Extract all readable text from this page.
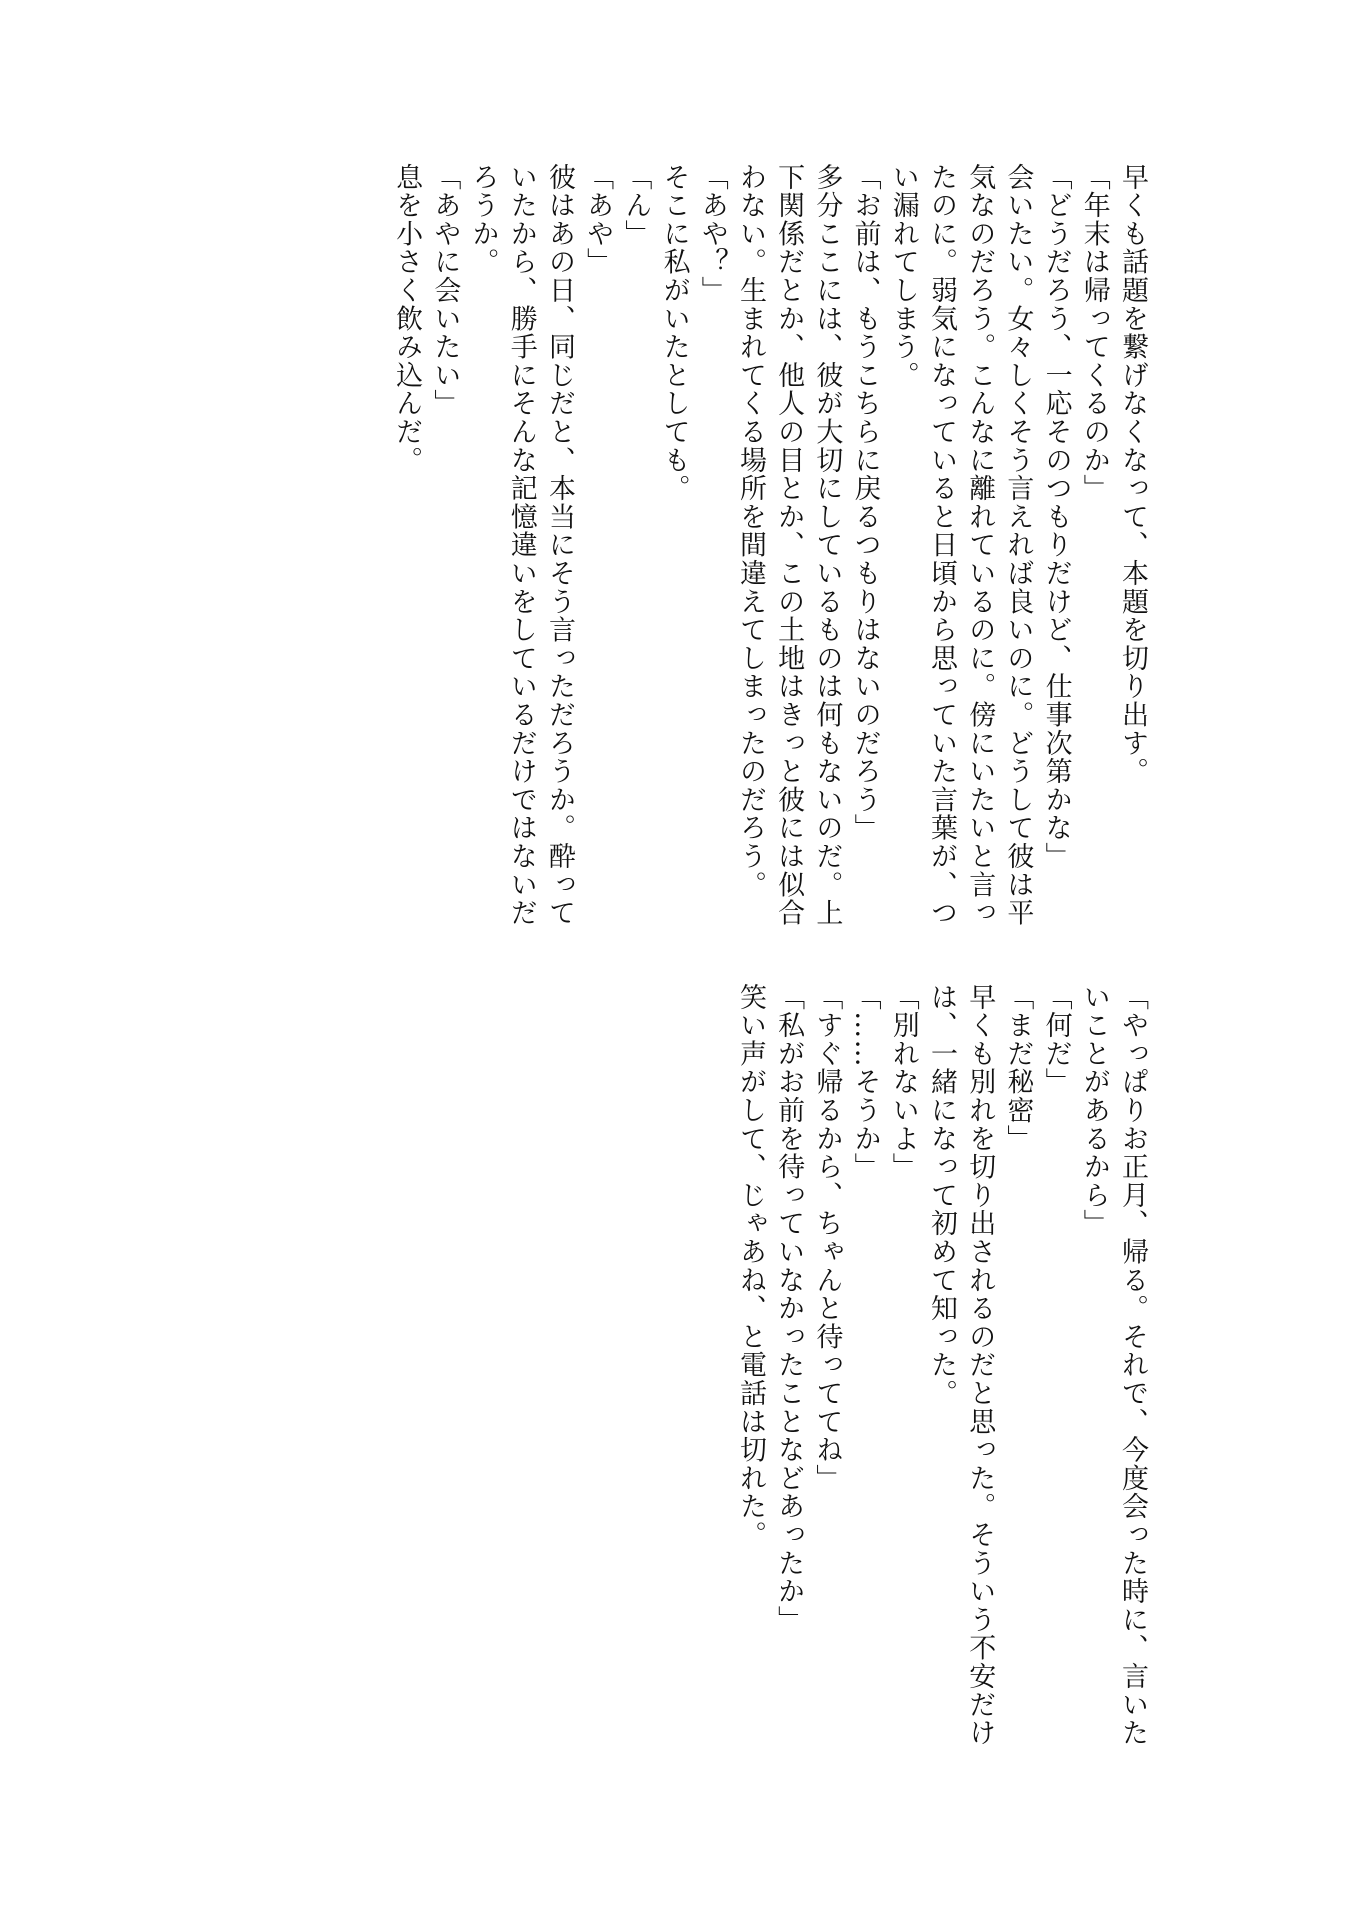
早くも話題を繋げなくなって、本題を切り出す。
「年末は帰ってくるのか」
「どうだろう、一応そのつもりだけど、仕事次第かな」
会いたい。女々しくそう言えれば良いのに。どうして彼は平
気なのだろう。こんなに離れているのに。傍にいたいと言っ
たのに。弱気になっていると日頃から思っていた言葉が、つ
い漏れてしまう。
「お前は、もうこちらに戻るつもりはないのだろう」
多分ここには、彼が大切にしているものは何もないのだ。上
下関係だとか、他人の目とか、この土地はきっと彼には似合
わない。生まれてくる場所を間違えてしまったのだろう。
「あや？」
そこに私がいたとしても。
「ん」
「あや」
彼はあの日、同じだと、本当にそう言っただろうか。酔って
いたから、勝手にそんな記憶違いをしているだけではないだ
ろうか。
「あやに会いたい」
息を小さく飲み込んだ。
「やっぱりお正月、帰る。それで、今度会った時に、言いた
いことがあるから」
「何だ」
「まだ秘密」
早くも別れを切り出されるのだと思った。そういう不安だけ
は、一緒になって初めて知った。
「別れないよ」
「……そうか」
「すぐ帰るから、ちゃんと待っててね」
「私がお前を待っていなかったことなどあったか」
笑い声がして、じゃあね、と電話は切れた。
